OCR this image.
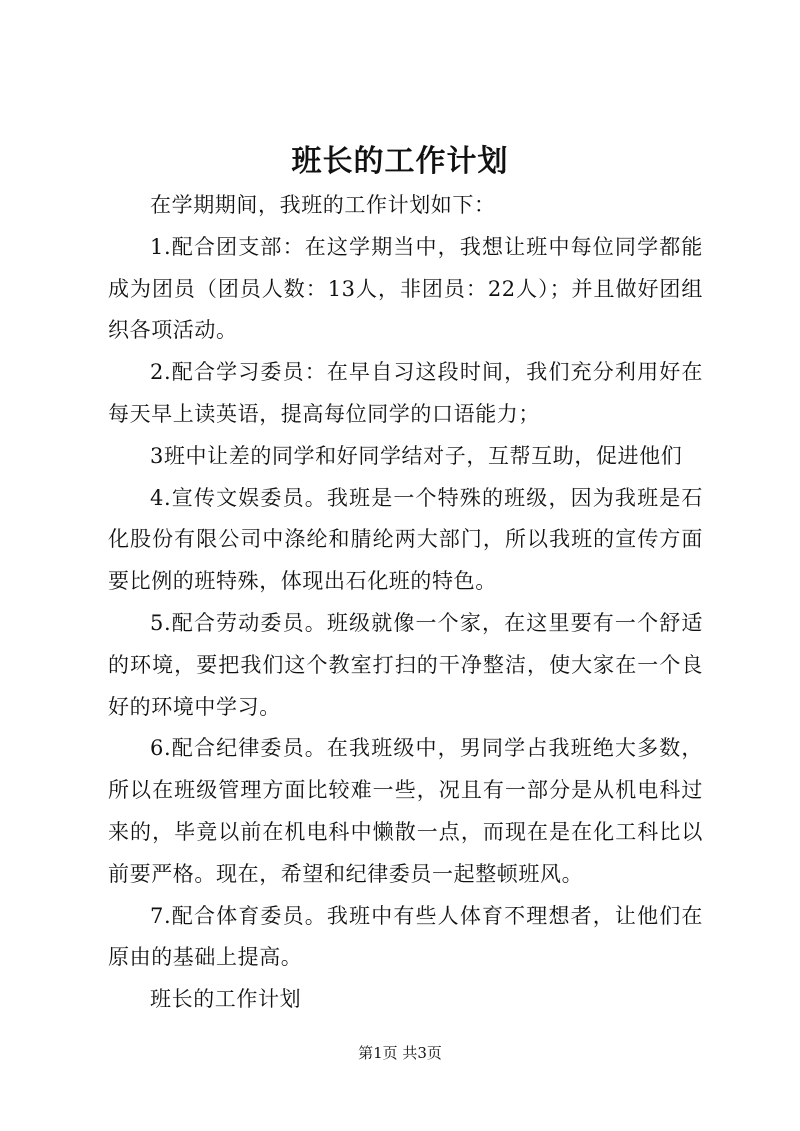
班长的工作计划

在学期期间，我班的工作计划如下：

1.配合团支部：在这学期当中，我想让班中每位同学都能成为团员（团员人数：13人，非团员：22人）；并且做好团组织各项活动。

2.配合学习委员：在早自习这段时间，我们充分利用好在每天早上读英语，提高每位同学的口语能力；

3班中让差的同学和好同学结对子，互帮互助，促进他们

4.宣传文娱委员。我班是一个特殊的班级，因为我班是石化股份有限公司中涤纶和腈纶两大部门，所以我班的宣传方面要比例的班特殊，体现出石化班的特色。

5.配合劳动委员。班级就像一个家，在这里要有一个舒适的环境，要把我们这个教室打扫的干净整洁，使大家在一个良好的环境中学习。

6.配合纪律委员。在我班级中，男同学占我班绝大多数，所以在班级管理方面比较难一些，况且有一部分是从机电科过来的，毕竟以前在机电科中懒散一点，而现在是在化工科比以前要严格。现在，希望和纪律委员一起整顿班风。

7.配合体育委员。我班中有些人体育不理想者，让他们在原由的基础上提高。

班长的工作计划

第1页 共3页
